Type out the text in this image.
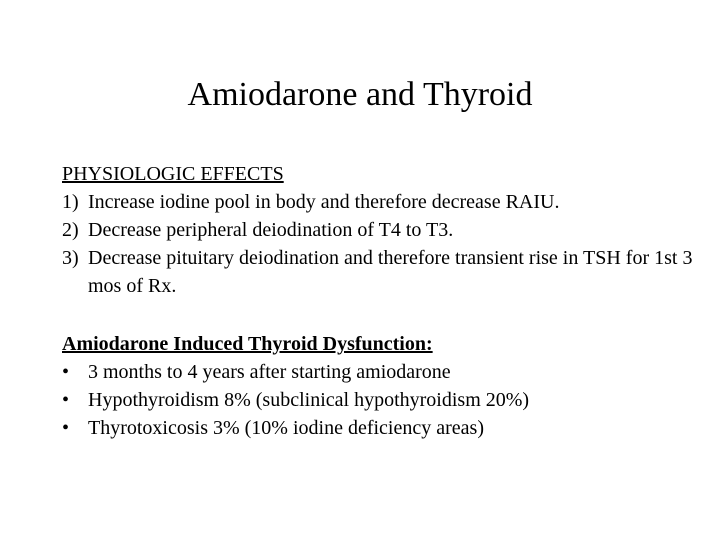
Amiodarone and Thyroid
PHYSIOLOGIC EFFECTS
1) Increase iodine pool in body and therefore decrease RAIU.
2) Decrease peripheral deiodination of T4 to T3.
3) Decrease pituitary deiodination and therefore transient rise in TSH for 1st 3 mos of Rx.
Amiodarone Induced Thyroid Dysfunction:
• 3 months to 4 years after starting amiodarone
• Hypothyroidism 8% (subclinical hypothyroidism 20%)
• Thyrotoxicosis 3% (10% iodine deficiency areas)
